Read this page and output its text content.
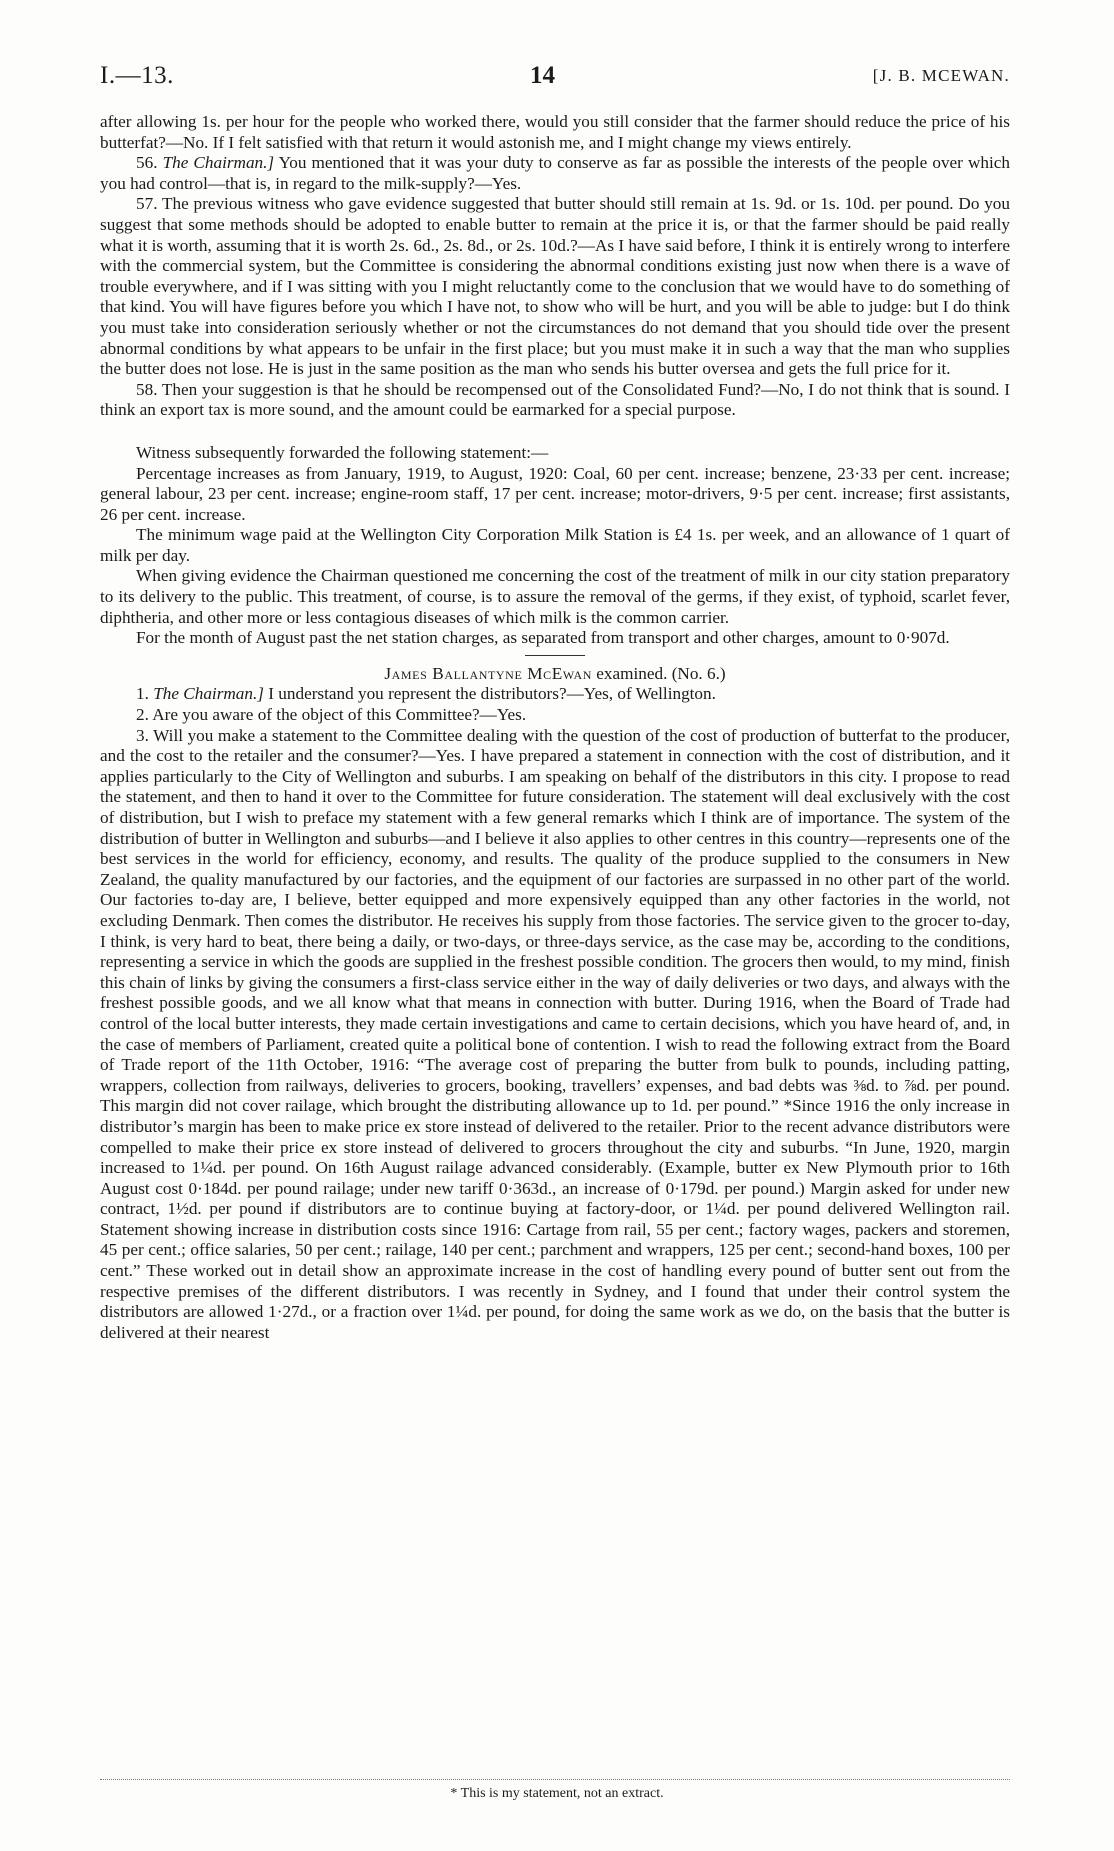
I.—13.	14	[J. B. MCEWAN.

after allowing 1s. per hour for the people who worked there, would you still consider that the farmer should reduce the price of his butterfat?—No. If I felt satisfied with that return it would astonish me, and I might change my views entirely.

56. The Chairman.] You mentioned that it was your duty to conserve as far as possible the interests of the people over which you had control—that is, in regard to the milk-supply?—Yes.

57. The previous witness who gave evidence suggested that butter should still remain at 1s. 9d. or 1s. 10d. per pound. Do you suggest that some methods should be adopted to enable butter to remain at the price it is, or that the farmer should be paid really what it is worth, assuming that it is worth 2s. 6d., 2s. 8d., or 2s. 10d.?—As I have said before, I think it is entirely wrong to interfere with the commercial system, but the Committee is considering the abnormal conditions existing just now when there is a wave of trouble everywhere, and if I was sitting with you I might reluctantly come to the conclusion that we would have to do something of that kind. You will have figures before you which I have not, to show who will be hurt, and you will be able to judge: but I do think you must take into consideration seriously whether or not the circumstances do not demand that you should tide over the present abnormal conditions by what appears to be unfair in the first place; but you must make it in such a way that the man who supplies the butter does not lose. He is just in the same position as the man who sends his butter oversea and gets the full price for it.

58. Then your suggestion is that he should be recompensed out of the Consolidated Fund?—No, I do not think that is sound. I think an export tax is more sound, and the amount could be earmarked for a special purpose.

Witness subsequently forwarded the following statement:—

Percentage increases as from January, 1919, to August, 1920: Coal, 60 per cent. increase; benzene, 23·33 per cent. increase; general labour, 23 per cent. increase; engine-room staff, 17 per cent. increase; motor-drivers, 9·5 per cent. increase; first assistants, 26 per cent. increase.

The minimum wage paid at the Wellington City Corporation Milk Station is £4 1s. per week, and an allowance of 1 quart of milk per day.

When giving evidence the Chairman questioned me concerning the cost of the treatment of milk in our city station preparatory to its delivery to the public. This treatment, of course, is to assure the removal of the germs, if they exist, of typhoid, scarlet fever, diphtheria, and other more or less contagious diseases of which milk is the common carrier.

For the month of August past the net station charges, as separated from transport and other charges, amount to 0·907d.

James Ballantyne McEwan examined. (No. 6.)

1. The Chairman.] I understand you represent the distributors?—Yes, of Wellington.

2. Are you aware of the object of this Committee?—Yes.

3. Will you make a statement to the Committee dealing with the question of the cost of production of butterfat to the producer, and the cost to the retailer and the consumer?—Yes. I have prepared a statement in connection with the cost of distribution, and it applies particularly to the City of Wellington and suburbs. I am speaking on behalf of the distributors in this city. I propose to read the statement, and then to hand it over to the Committee for future consideration. The statement will deal exclusively with the cost of distribution, but I wish to preface my statement with a few general remarks which I think are of importance. The system of the distribution of butter in Wellington and suburbs—and I believe it also applies to other centres in this country—represents one of the best services in the world for efficiency, economy, and results. The quality of the produce supplied to the consumers in New Zealand, the quality manufactured by our factories, and the equipment of our factories are surpassed in no other part of the world. Our factories to-day are, I believe, better equipped and more expensively equipped than any other factories in the world, not excluding Denmark. Then comes the distributor. He receives his supply from those factories. The service given to the grocer to-day, I think, is very hard to beat, there being a daily, or two-days, or three-days service, as the case may be, according to the conditions, representing a service in which the goods are supplied in the freshest possible condition. The grocers then would, to my mind, finish this chain of links by giving the consumers a first-class service either in the way of daily deliveries or two days, and always with the freshest possible goods, and we all know what that means in connection with butter. During 1916, when the Board of Trade had control of the local butter interests, they made certain investigations and came to certain decisions, which you have heard of, and, in the case of members of Parliament, created quite a political bone of contention. I wish to read the following extract from the Board of Trade report of the 11th October, 1916: “The average cost of preparing the butter from bulk to pounds, including patting, wrappers, collection from railways, deliveries to grocers, booking, travellers’ expenses, and bad debts was ⅜d. to ⅞d. per pound. This margin did not cover railage, which brought the distributing allowance up to 1d. per pound.” *Since 1916 the only increase in distributor’s margin has been to make price ex store instead of delivered to the retailer. Prior to the recent advance distributors were compelled to make their price ex store instead of delivered to grocers throughout the city and suburbs. “In June, 1920, margin increased to 1¼d. per pound. On 16th August railage advanced considerably. (Example, butter ex New Plymouth prior to 16th August cost 0·184d. per pound railage; under new tariff 0·363d., an increase of 0·179d. per pound.) Margin asked for under new contract, 1½d. per pound if distributors are to continue buying at factory-door, or 1¼d. per pound delivered Wellington rail. Statement showing increase in distribution costs since 1916: Cartage from rail, 55 per cent.; factory wages, packers and storemen, 45 per cent.; office salaries, 50 per cent.; railage, 140 per cent.; parchment and wrappers, 125 per cent.; second-hand boxes, 100 per cent.” These worked out in detail show an approximate increase in the cost of handling every pound of butter sent out from the respective premises of the different distributors. I was recently in Sydney, and I found that under their control system the distributors are allowed 1·27d., or a fraction over 1¼d. per pound, for doing the same work as we do, on the basis that the butter is delivered at their nearest

* This is my statement, not an extract.
